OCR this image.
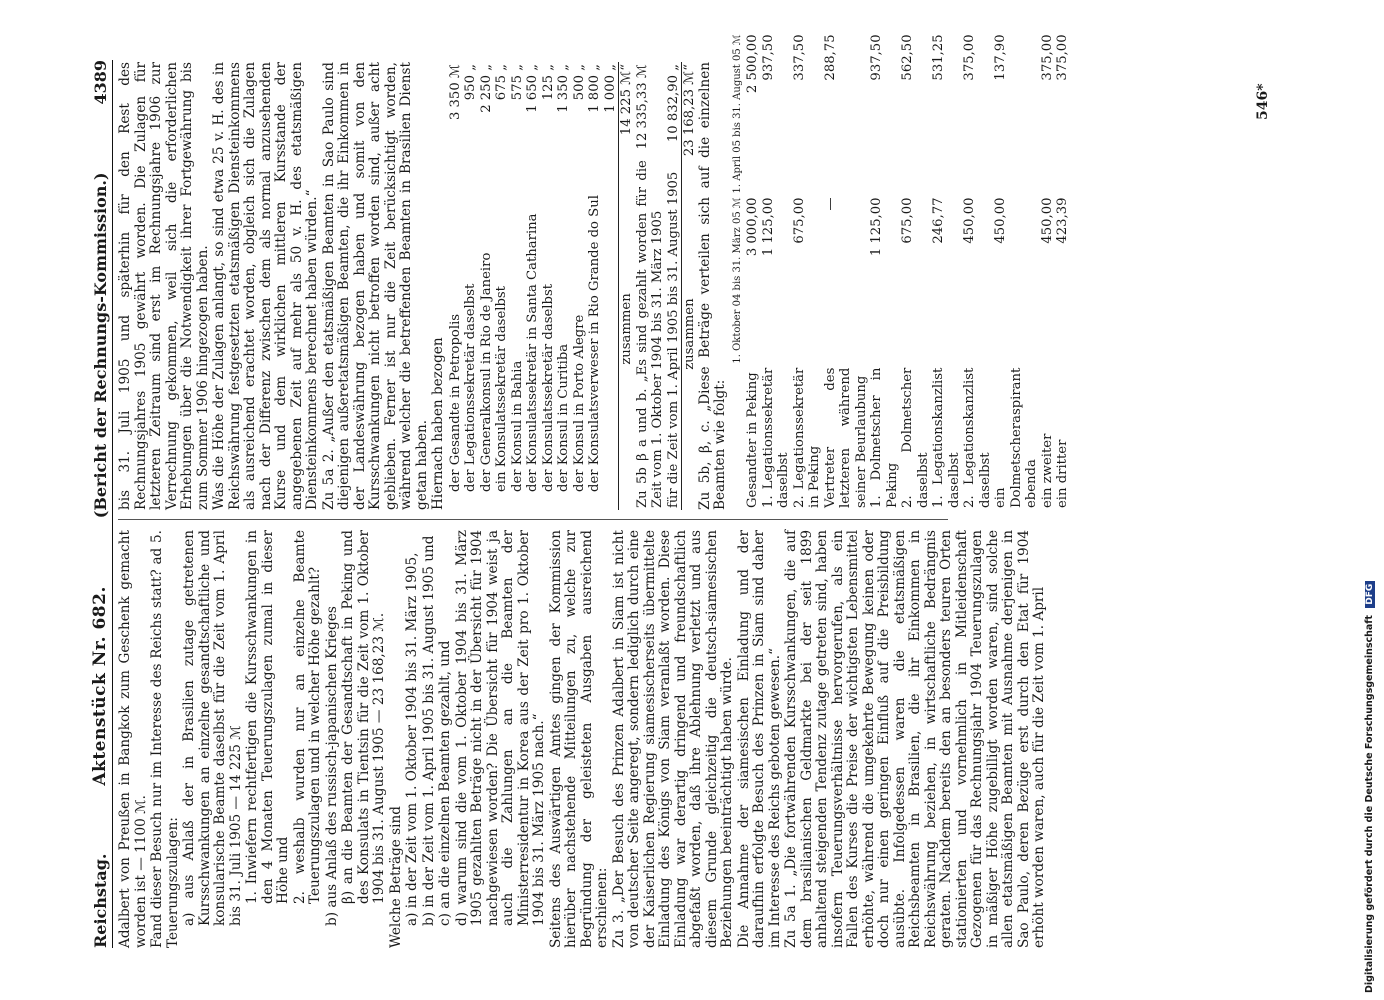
Reichstag.
Aktenstück Nr. 682.
(Bericht der Rechnungs-Kommission.)
4389

Adalbert von Preußen in Bangkok zum Geschenk gemacht worden ist — 1100 ℳ. Fand dieser Besuch nur im Interesse des Reichs statt? ad 5. Teuerungszulagen: a) aus Anlaß der in Brasilien zutage getretenen Kursschwankungen an einzelne gesandtschaftliche und konsularische Beamte daselbst für die Zeit vom 1. April bis 31. Juli 1905 — 14 225 ℳ 1. Inwiefern rechtfertigen die Kursschwankungen in den 4 Monaten Teuerungszulagen zumal in dieser Höhe und 2. weshalb wurden nur an einzelne Beamte Teuerungszulagen und in welcher Höhe gezahlt? b) aus Anlaß des russisch-japanischen Krieges β) an die Beamten der Gesandtschaft in Peking und des Konsulats in Tientsin für die Zeit vom 1. Oktober 1904 bis 31. August 1905 — 23 168,23 ℳ. Welche Beträge sind a) in der Zeit vom 1. Oktober 1904 bis 31. März 1905, b) in der Zeit vom 1. April 1905 bis 31. August 1905 und c) an die einzelnen Beamten gezahlt, und d) warum sind die vom 1. Oktober 1904 bis 31. März 1905 gezahlten Beträge nicht in der Übersicht für 1904 nachgewiesen worden? Die Übersicht für 1904 weist ja auch die Zahlungen an die Beamten der Ministerresidentur in Korea aus der Zeit pro 1. Oktober 1904 bis 31. März 1905 nach.“ Seitens des Auswärtigen Amtes gingen der Kommission hierüber nachstehende Mitteilungen zu, welche zur Begründung der geleisteten Ausgaben ausreichend erschienen: Zu 3. „Der Besuch des Prinzen Adalbert in Siam ist nicht von deutscher Seite angeregt, sondern lediglich durch eine der Kaiserlichen Regierung siamesischerseits übermittelte Einladung des Königs von Siam veranlaßt worden. Diese Einladung war derartig dringend und freundschaftlich abgefaßt worden, daß ihre Ablehnung verletzt und aus diesem Grunde gleichzeitig die deutsch-siamesischen Beziehungen beeinträchtigt haben würde. Die Annahme der siamesischen Einladung und der daraufhin erfolgte Besuch des Prinzen in Siam sind daher im Interesse des Reichs geboten gewesen.“ Zu 5a 1. „Die fortwährenden Kursschwankungen, die auf dem brasilianischen Geldmarkte bei der seit 1899 anhaltend steigenden Tendenz zutage getreten sind, haben insofern Teuerungsverhältnisse hervorgerufen, als ein Fallen des Kurses die Preise der wichtigsten Lebensmittel erhöhte, während die umgekehrte Bewegung keinen oder doch nur einen geringen Einfluß auf die Preisbildung ausübte. Infolgedessen waren die etatsmäßigen Reichsbeamten in Brasilien, die ihr Einkommen in Reichswährung beziehen, in wirtschaftliche Bedrängnis geraten. Nachdem bereits den an besonders teuren Orten stationierten und vornehmlich in Mitleidenschaft Gezogenen für das Rechnungsjahr 1904 Teuerungszulagen in mäßiger Höhe zugebilligt worden waren, sind solche allen etatsmäßigen Beamten mit Ausnahme derjenigen in Sao Paulo, deren Bezüge erst durch den Etat für 1904 erhöht worden waren, auch für die Zeit vom 1. April

bis 31. Juli 1905 und späterhin für den Rest des Rechnungsjahres 1905 gewährt worden. Die Zulagen für letzteren Zeitraum sind erst im Rechnungsjahre 1906 zur Verrechnung gekommen, weil sich die erforderlichen Erhebungen über die Notwendigkeit ihrer Fortgewährung bis zum Sommer 1906 hingezogen haben. Was die Höhe der Zulagen anlangt, so sind etwa 25 v. H. des in Reichswährung festgesetzten etatsmäßigen Diensteinkommens als ausreichend erachtet worden, obgleich sich die Zulagen nach der Differenz zwischen dem als normal anzusehenden Kurse und dem wirklichen mittleren Kursstande der angegebenen Zeit auf mehr als 50 v. H. des etatsmäßigen Diensteinkommens berechnet haben würden.“ Zu 5a 2. „Außer den etatsmäßigen Beamten in Sao Paulo sind diejenigen außeretatsmäßigen Beamten, die ihr Einkommen in der Landeswährung bezogen haben und somit von den Kursschwankungen nicht betroffen worden sind, außer acht geblieben. Ferner ist nur die Zeit berücksichtigt worden, während welcher die betreffenden Beamten in Brasilien Dienst getan haben. Hiernach haben bezogen der Gesandte in Petropolis	3 350 ℳ
der Legationssekretär daselbst	950 „
der Generalkonsul in Rio de Janeiro	2 250 „
ein Konsulatssekretär daselbst	675 „
der Konsul in Bahia	575 „
der Konsulatssekretär in Santa Catharina	1 650 „
der Konsulatssekretär daselbst	125 „
der Konsul in Curitiba	1 350 „
der Konsul in Porto Alegre	500 „
der Konsulatsverweser in Rio Grande do Sul	1 800 „
	1 000 „
zusammen	14 225 ℳ“
Zu 5b β a und b. „Es sind gezahlt worden für die Zeit vom 1. Oktober 1904 bis 31. März 1905	12 335,33 ℳ
für die Zeit vom 1. April 1905 bis 31. August 1905	10 832,90 „
zusammen	23 168,23 ℳ“ Zu 5b, β, c. „Diese Beträge verteilen sich auf die einzelnen Beamten wie folgt:

	1. Oktober 04 bis 31. März 05 ℳ	1. April 05 bis 31. August 05 ℳ
Gesandter in Peking	3 000,00	2 500,00
1. Legationssekretär daselbst	1 125,00	937,50
2. Legationssekretär in Peking	675,00	337,50
Vertreter des letzteren während seiner Beurlaubung	—	288,75
1. Dolmetscher in Peking	1 125,00	937,50
2. Dolmetscher daselbst	675,00	562,50
1. Legationskanzlist daselbst	246,77	531,25
2. Legationskanzlist daselbst	450,00	375,00
ein Dolmetscheraspirant ebenda	450,00	137,90
ein zweiter	450,00	375,00
ein dritter	423,39	375,00
546*
Digitalisierung gefördert durch die Deutsche Forschungsgemeinschaft DFG
